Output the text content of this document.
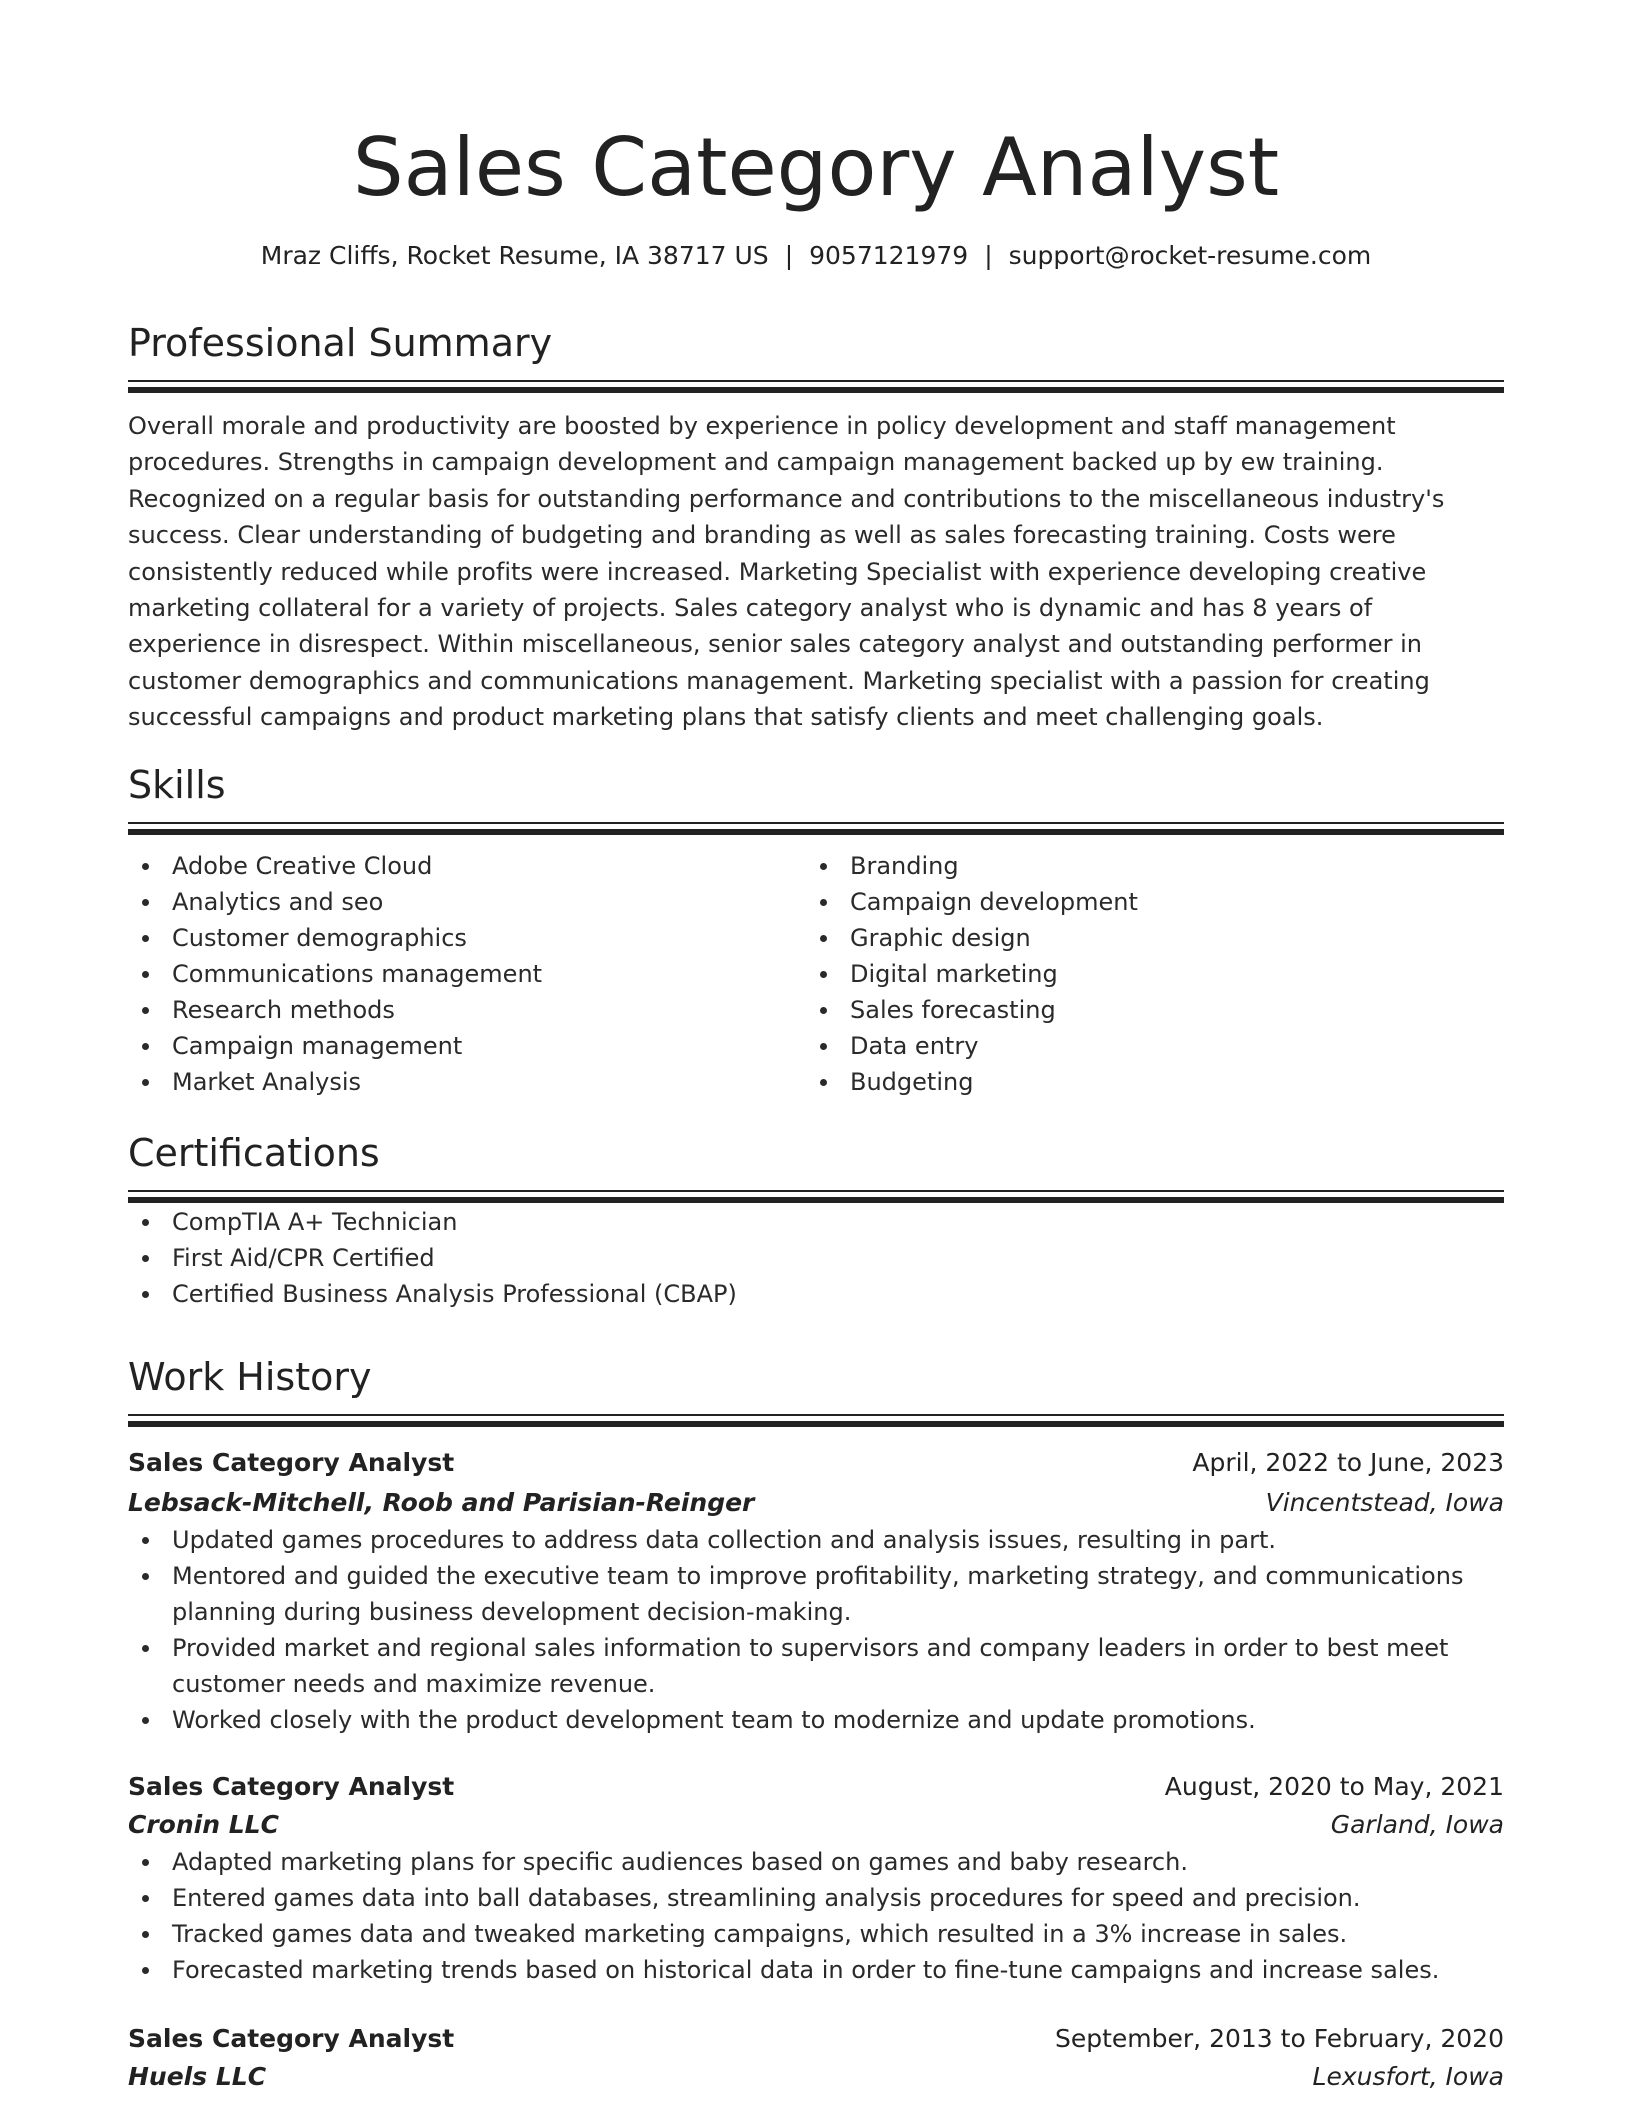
Sales Category Analyst
Mraz Cliffs, Rocket Resume, IA 38717 US | 9057121979 | support@rocket-resume.com
Professional Summary
Overall morale and productivity are boosted by experience in policy development and staff management procedures. Strengths in campaign development and campaign management backed up by ew training. Recognized on a regular basis for outstanding performance and contributions to the miscellaneous industry's success. Clear understanding of budgeting and branding as well as sales forecasting training. Costs were consistently reduced while profits were increased. Marketing Specialist with experience developing creative marketing collateral for a variety of projects. Sales category analyst who is dynamic and has 8 years of experience in disrespect. Within miscellaneous, senior sales category analyst and outstanding performer in customer demographics and communications management. Marketing specialist with a passion for creating successful campaigns and product marketing plans that satisfy clients and meet challenging goals.
Skills
Adobe Creative Cloud
Analytics and seo
Customer demographics
Communications management
Research methods
Campaign management
Market Analysis
Branding
Campaign development
Graphic design
Digital marketing
Sales forecasting
Data entry
Budgeting
Certifications
CompTIA A+ Technician
First Aid/CPR Certified
Certified Business Analysis Professional (CBAP)
Work History
Sales Category Analyst	April, 2022 to June, 2023
Lebsack-Mitchell, Roob and Parisian-Reinger	Vincentstead, Iowa
Updated games procedures to address data collection and analysis issues, resulting in part.
Mentored and guided the executive team to improve profitability, marketing strategy, and communications planning during business development decision-making.
Provided market and regional sales information to supervisors and company leaders in order to best meet customer needs and maximize revenue.
Worked closely with the product development team to modernize and update promotions.
Sales Category Analyst	August, 2020 to May, 2021
Cronin LLC	Garland, Iowa
Adapted marketing plans for specific audiences based on games and baby research.
Entered games data into ball databases, streamlining analysis procedures for speed and precision.
Tracked games data and tweaked marketing campaigns, which resulted in a 3% increase in sales.
Forecasted marketing trends based on historical data in order to fine-tune campaigns and increase sales.
Sales Category Analyst	September, 2013 to February, 2020
Huels LLC	Lexusfort, Iowa
